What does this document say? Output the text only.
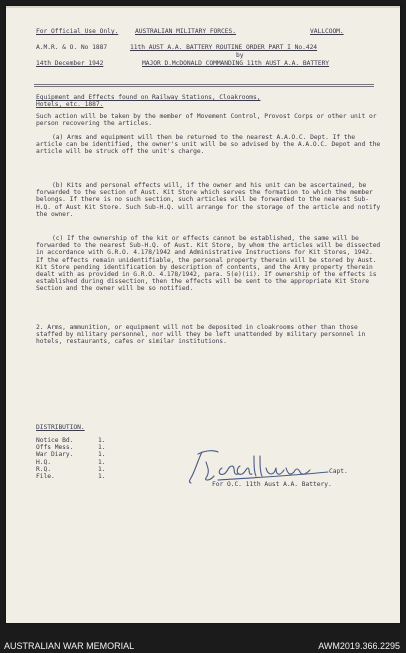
For Official Use Only.	AUSTRALIAN MILITARY FORCES.	VALLCOOM.

A.M.R. & O. No 1887	11th AUST A.A. BATTERY ROUTINE ORDER PART I No.424

by

14th December 1942	MAJOR D.McDONALD COMMANDING 11th AUST A.A. BATTERY

Equipment and Effects found on Railway Stations, Cloakrooms,

Hotels, etc. 1887.

Such action will be taken by the member of Movement Control, Provost Corps or other unit or person recovering the articles.

(a) Arms and equipment will then be returned to the nearest A.A.O.C. Dept. If the article can be identified, the owner's unit will be so advised by the A.A.O.C. Depot and the article will be struck off the unit's charge.

(b) Kits and personal effects will, if the owner and his unit can be ascertained, be forwarded to the section of Aust. Kit Store which serves the formation to which the member belongs. If there is no such section, such articles will be forwarded to the nearest Sub-H.Q. of Aust Kit Store. Such Sub-H.Q. will arrange for the storage of the article and notify the owner.

(c) If the ownership of the kit or effects cannot be established, the same will be forwarded to the nearest Sub-H.Q. of Aust. Kit Store, by whom the articles will be dissected in accordance with G.R.O. 4.178/1942 and Administrative Instructions for Kit Stores, 1942. If the effects remain unidentifiable, the personal property therein will be stored by Aust. Kit Store pending identification by description of contents, and the Army property therein dealt with as provided in G.R.O. 4.178/1942, para. 5(e)(ii). If ownership of the effects is established during dissection, then the effects will be sent to the appropriate Kit Store Section and the owner will be so notified.

2. Arms, ammunition, or equipment will not be deposited in cloakrooms other than those staffed by military personnel, nor will they be left unattended by military personnel in hotels, restaurants, cafes or similar institutions.

DISTRIBUTION.

Notice Bd.	1.
Offs Mess.	1.
War Diary.	1.
H.Q.	1.
R.Q.	1.
File.	1.

Capt.

For O.C. 11th Aust A.A. Battery.

AUSTRALIAN WAR MEMORIAL	AWM2019.366.2295
